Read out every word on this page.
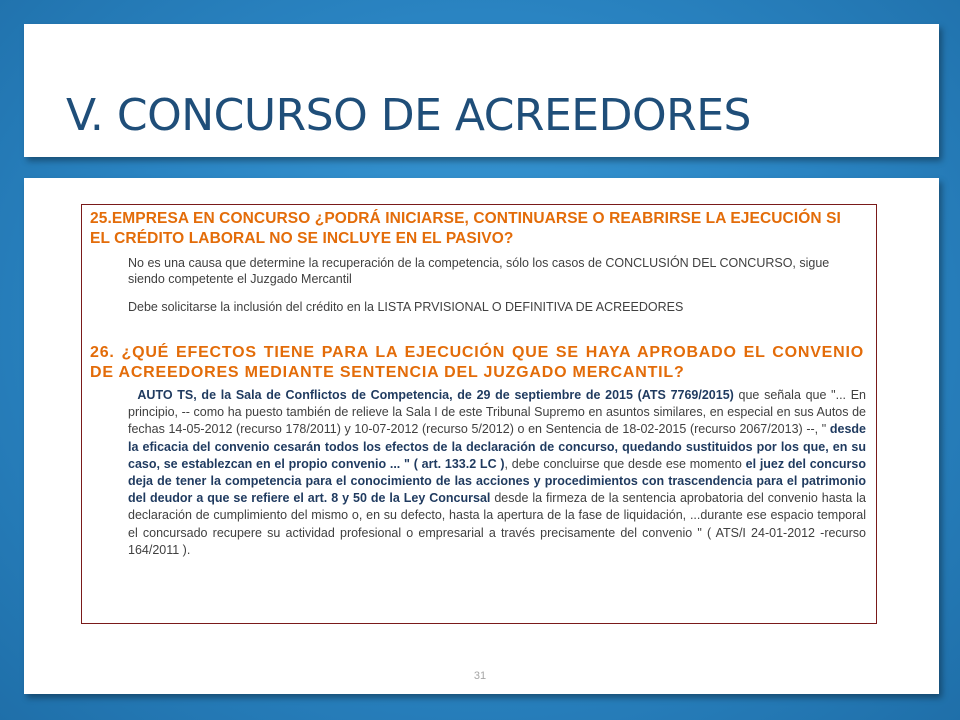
V. CONCURSO DE ACREEDORES

25.EMPRESA EN CONCURSO ¿PODRÁ INICIARSE, CONTINUARSE O REABRIRSE LA EJECUCIÓN SI EL CRÉDITO LABORAL NO SE INCLUYE EN EL PASIVO?

No es una causa que determine la recuperación de la competencia, sólo los casos de CONCLUSIÓN DEL CONCURSO, sigue siendo competente el Juzgado Mercantil

Debe solicitarse la inclusión del crédito en la LISTA PRVISIONAL O DEFINITIVA DE ACREEDORES

26. ¿QUÉ EFECTOS TIENE PARA LA EJECUCIÓN QUE SE HAYA APROBADO EL CONVENIO DE ACREEDORES MEDIANTE SENTENCIA DEL JUZGADO MERCANTIL?

AUTO TS, de la Sala de Conflictos de Competencia, de 29 de septiembre de 2015 (ATS 7769/2015) que señala que "... En principio, -- como ha puesto también de relieve la Sala I de este Tribunal Supremo en asuntos similares, en especial en sus Autos de fechas 14-05-2012 (recurso 178/2011) y 10-07-2012 (recurso 5/2012) o en Sentencia de 18-02-2015 (recurso 2067/2013) --, " desde la eficacia del convenio cesarán todos los efectos de la declaración de concurso, quedando sustituidos por los que, en su caso, se establezcan en el propio convenio ... " ( art. 133.2 LC ), debe concluirse que desde ese momento el juez del concurso deja de tener la competencia para el conocimiento de las acciones y procedimientos con trascendencia para el patrimonio del deudor a que se refiere el art. 8 y 50 de la Ley Concursal desde la firmeza de la sentencia aprobatoria del convenio hasta la declaración de cumplimiento del mismo o, en su defecto, hasta la apertura de la fase de liquidación, ...durante ese espacio temporal el concursado recupere su actividad profesional o empresarial a través precisamente del convenio " ( ATS/I 24-01-2012 -recurso 164/2011 ).

31
